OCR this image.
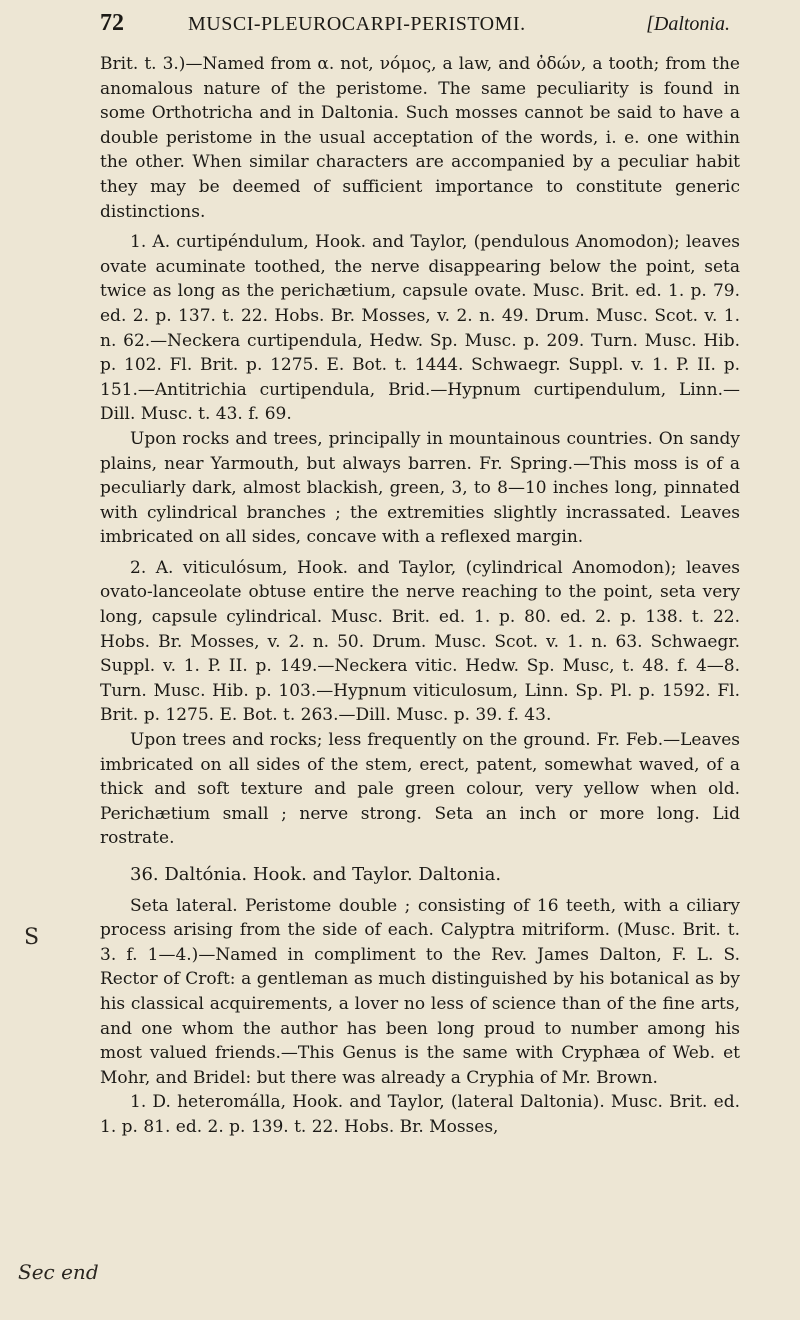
72	MUSCI-PLEUROCARPI-PERISTOMI.	[Daltonia.

Brit. t. 3.)—Named from α. not, νόμος, a law, and ὀδών, a tooth; from the anomalous nature of the peristome. The same peculiarity is found in some Orthotricha and in Daltonia. Such mosses cannot be said to have a double peristome in the usual acceptation of the words, i. e. one within the other. When similar characters are accompanied by a peculiar habit they may be deemed of sufficient importance to constitute generic distinctions.

1. A. curtipéndulum, Hook. and Taylor, (pendulous Anomodon); leaves ovate acuminate toothed, the nerve disappearing below the point, seta twice as long as the perichætium, capsule ovate. Musc. Brit. ed. 1. p. 79. ed. 2. p. 137. t. 22. Hobs. Br. Mosses, v. 2. n. 49. Drum. Musc. Scot. v. 1. n. 62.—Neckera curtipendula, Hedw. Sp. Musc. p. 209. Turn. Musc. Hib. p. 102. Fl. Brit. p. 1275. E. Bot. t. 1444. Schwaegr. Suppl. v. 1. P. II. p. 151.—Antitrichia curtipendula, Brid.—Hypnum curtipendulum, Linn.—Dill. Musc. t. 43. f. 69.

Upon rocks and trees, principally in mountainous countries. On sandy plains, near Yarmouth, but always barren. Fr. Spring.—This moss is of a peculiarly dark, almost blackish, green, 3, to 8—10 inches long, pinnated with cylindrical branches ; the extremities slightly incrassated. Leaves imbricated on all sides, concave with a reflexed margin.

2. A. viticulósum, Hook. and Taylor, (cylindrical Anomodon); leaves ovato-lanceolate obtuse entire the nerve reaching to the point, seta very long, capsule cylindrical. Musc. Brit. ed. 1. p. 80. ed. 2. p. 138. t. 22. Hobs. Br. Mosses, v. 2. n. 50. Drum. Musc. Scot. v. 1. n. 63. Schwaegr. Suppl. v. 1. P. II. p. 149.—Neckera vitic. Hedw. Sp. Musc, t. 48. f. 4—8. Turn. Musc. Hib. p. 103.—Hypnum viticulosum, Linn. Sp. Pl. p. 1592. Fl. Brit. p. 1275. E. Bot. t. 263.—Dill. Musc. p. 39. f. 43.

Upon trees and rocks; less frequently on the ground. Fr. Feb.—Leaves imbricated on all sides of the stem, erect, patent, somewhat waved, of a thick and soft texture and pale green colour, very yellow when old. Perichætium small ; nerve strong. Seta an inch or more long. Lid rostrate.

36. Daltónia. Hook. and Taylor. Daltonia.

Seta lateral. Peristome double ; consisting of 16 teeth, with a ciliary process arising from the side of each. Calyptra mitriform. (Musc. Brit. t. 3. f. 1—4.)—Named in compliment to the Rev. James Dalton, F. L. S. Rector of Croft: a gentleman as much distinguished by his botanical as by his classical acquirements, a lover no less of science than of the fine arts, and one whom the author has been long proud to number among his most valued friends.—This Genus is the same with Cryphæa of Web. et Mohr, and Bridel: but there was already a Cryphia of Mr. Brown.

1. D. heteromálla, Hook. and Taylor, (lateral Daltonia). Musc. Brit. ed. 1. p. 81. ed. 2. p. 139. t. 22. Hobs. Br. Mosses,

S
Sec end
